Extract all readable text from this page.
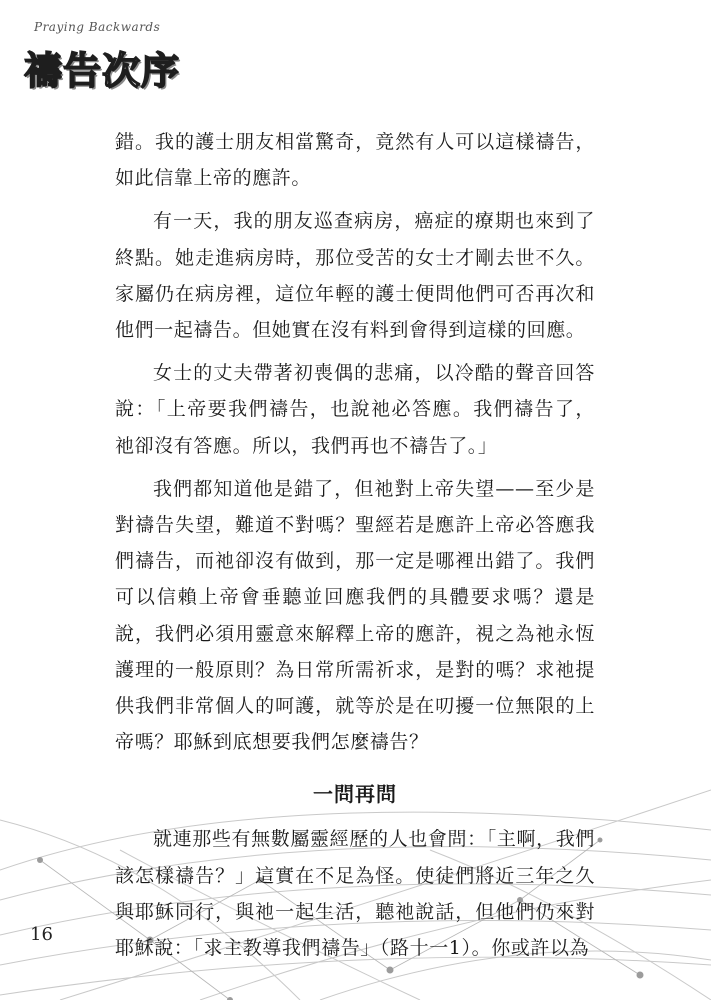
Praying Backwards
禱告次序

錯。我的護士朋友相當驚奇，竟然有人可以這樣禱告，如此信靠上帝的應許。

有一天，我的朋友巡查病房，癌症的療期也來到了終點。她走進病房時，那位受苦的女士才剛去世不久。家屬仍在病房裡，這位年輕的護士便問他們可否再次和他們一起禱告。但她實在沒有料到會得到這樣的回應。

女士的丈夫帶著初喪偶的悲痛，以冷酷的聲音回答說：「上帝要我們禱告，也說祂必答應。我們禱告了，祂卻沒有答應。所以，我們再也不禱告了。」

我們都知道他是錯了，但祂對上帝失望——至少是對禱告失望，難道不對嗎？聖經若是應許上帝必答應我們禱告，而祂卻沒有做到，那一定是哪裡出錯了。我們可以信賴上帝會垂聽並回應我們的具體要求嗎？還是說，我們必須用靈意來解釋上帝的應許，視之為祂永恆護理的一般原則？為日常所需祈求，是對的嗎？求祂提供我們非常個人的呵護，就等於是在叨擾一位無限的上帝嗎？耶穌到底想要我們怎麼禱告？

一問再問

就連那些有無數屬靈經歷的人也會問：「主啊，我們該怎樣禱告？」這實在不足為怪。使徒們將近三年之久與耶穌同行，與祂一起生活，聽祂說話，但他們仍來對耶穌說：「求主教導我們禱告」（路十一1）。你或許以為

16
